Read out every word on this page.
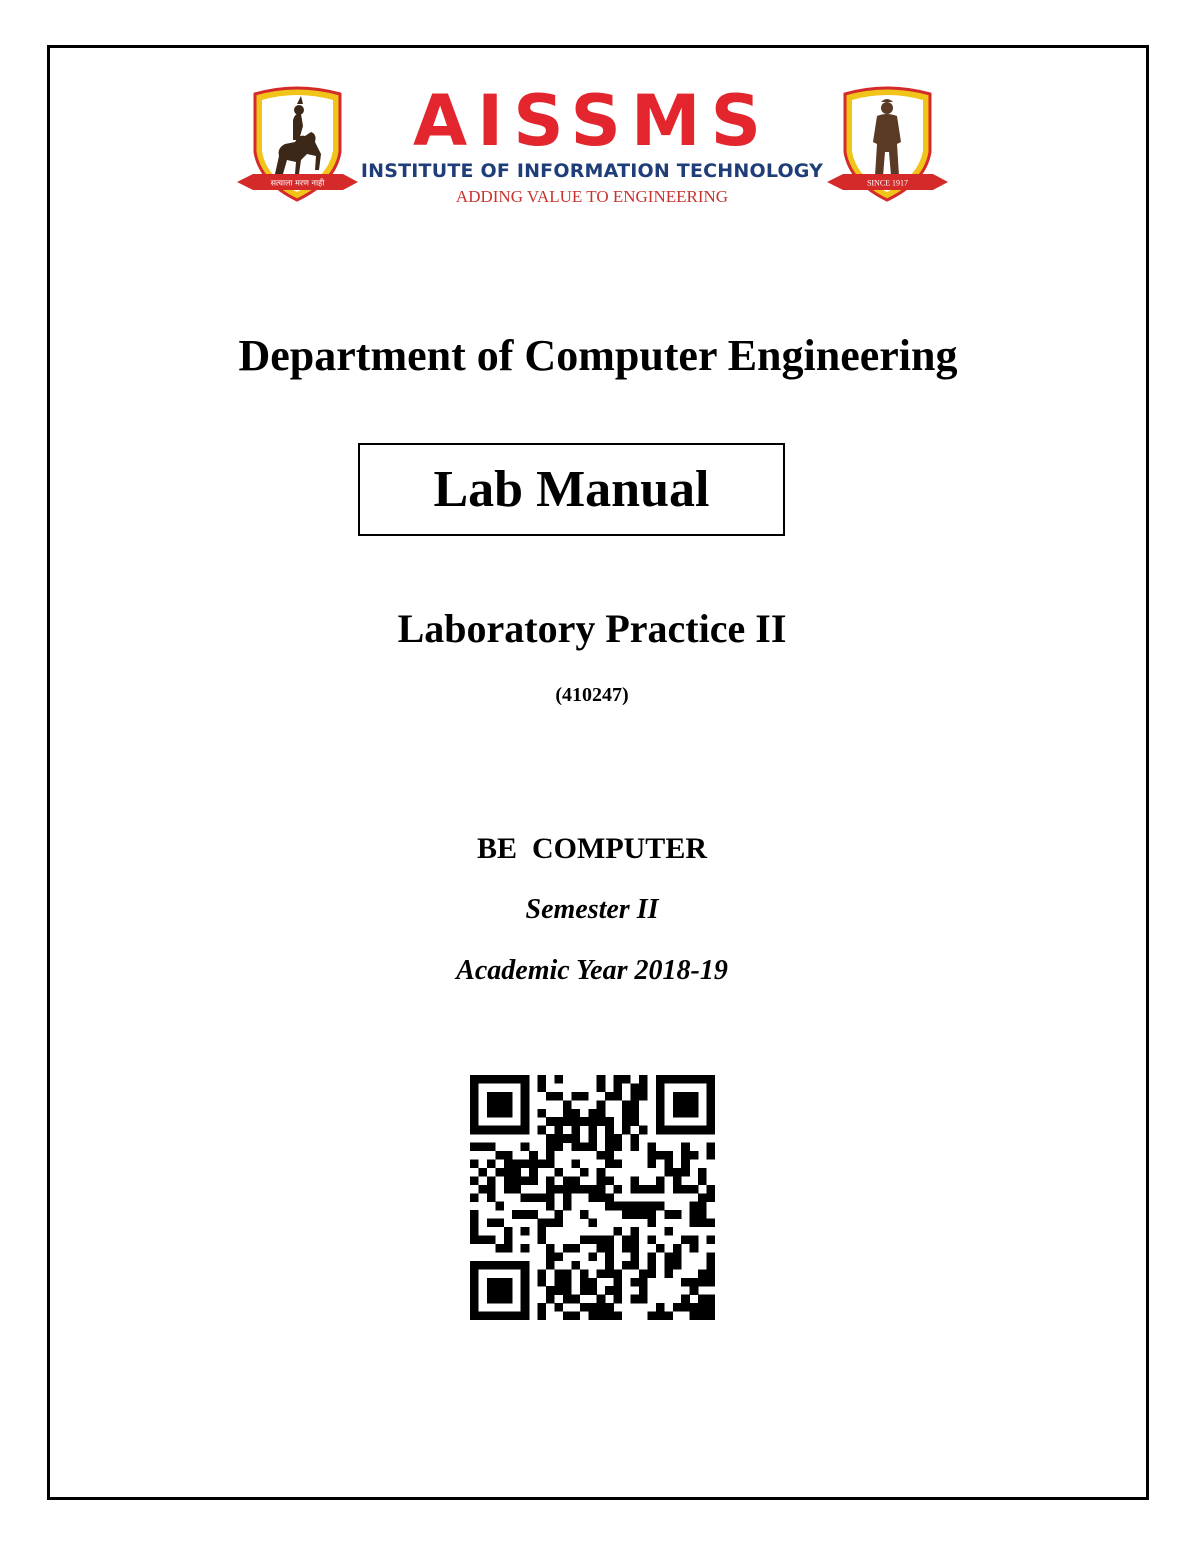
सत्याला मरण नाही
AISSMS
INSTITUTE OF INFORMATION TECHNOLOGY
ADDING VALUE TO ENGINEERING
SINCE 1917
Department of Computer Engineering
Lab Manual
Laboratory Practice II
(410247)
BE  COMPUTER
Semester II
Academic Year 2018-19
